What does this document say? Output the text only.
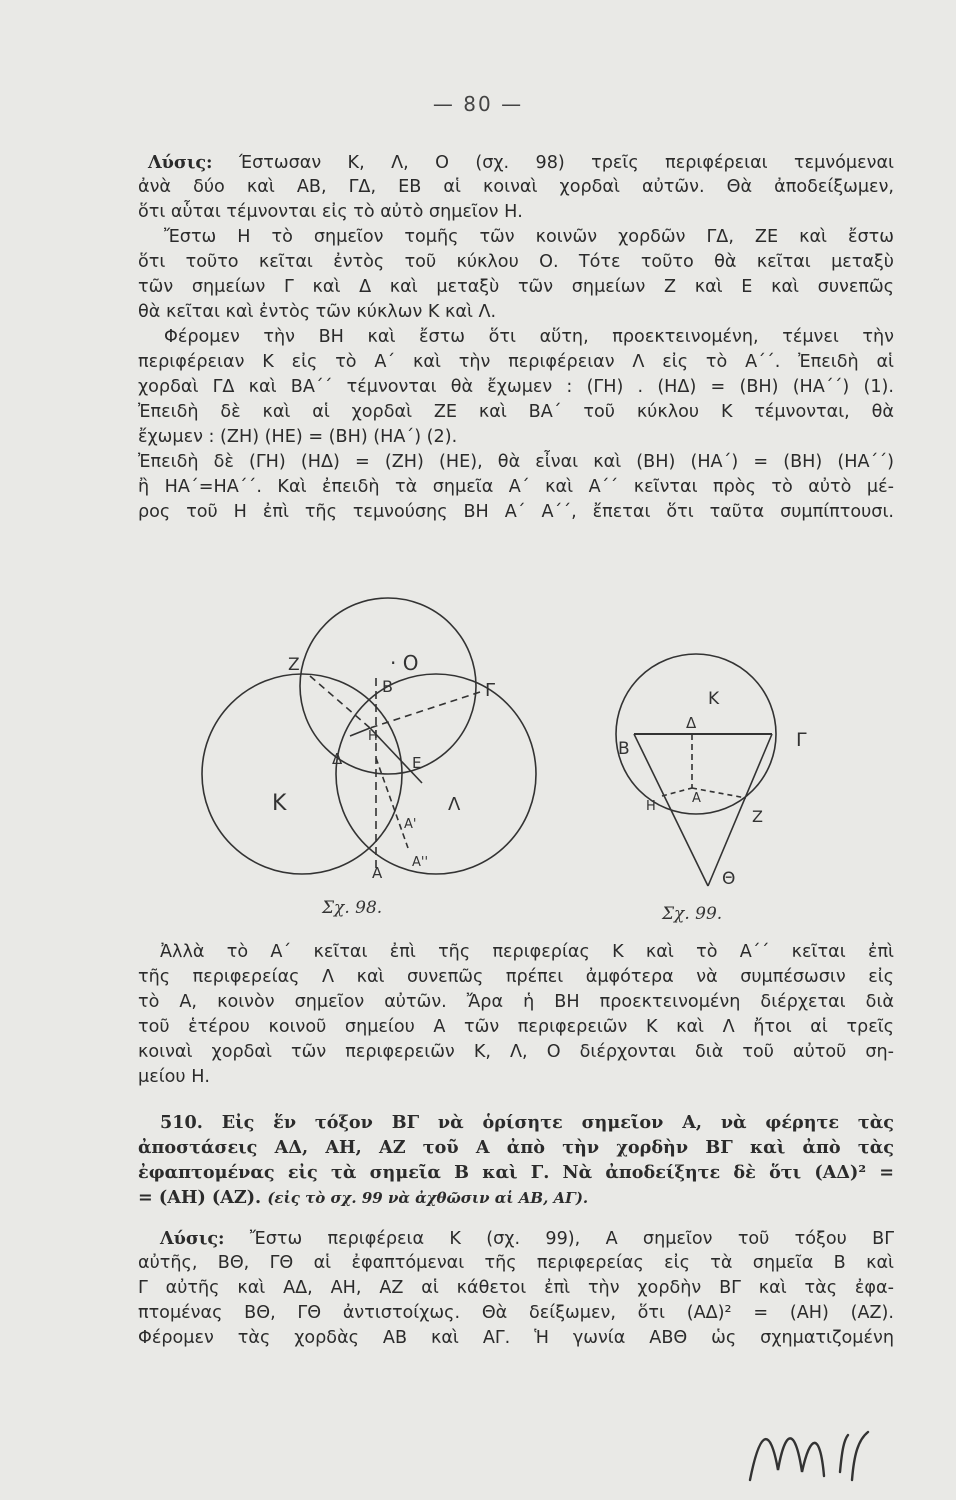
— 80 —
Λύσις: Έστωσαν Κ, Λ, Ο (σχ. 98) τρεῖς περιφέρειαι τεμνόμεναι
ἀνὰ δύο καὶ ΑΒ, ΓΔ, ΕΒ αἱ κοιναὶ χορδαὶ αὐτῶν. Θὰ ἀποδείξωμεν,
ὅτι αὗται τέμνονται εἰς τὸ αὐτὸ σημεῖον Η.
Ἔστω Η τὸ σημεῖον τομῆς τῶν κοινῶν χορδῶν ΓΔ, ΖΕ καὶ ἔστω
ὅτι τοῦτο κεῖται ἐντὸς τοῦ κύκλου Ο. Τότε τοῦτο θὰ κεῖται μεταξὺ
τῶν σημείων Γ καὶ Δ καὶ μεταξὺ τῶν σημείων Ζ καὶ Ε καὶ συνεπῶς
θὰ κεῖται καὶ ἐντὸς τῶν κύκλων Κ καὶ Λ.
Φέρομεν τὴν ΒΗ καὶ ἔστω ὅτι αὕτη, προεκτεινομένη, τέμνει τὴν
περιφέρειαν Κ εἰς τὸ Α΄ καὶ τὴν περιφέρειαν Λ εἰς τὸ Α΄΄. Ἐπειδὴ αἱ
χορδαὶ ΓΔ καὶ ΒΑ΄΄ τέμνονται θὰ ἔχωμεν : (ΓΗ) . (ΗΔ) = (ΒΗ) (ΗΑ΄΄) (1).
Ἐπειδὴ δὲ καὶ αἱ χορδαὶ ΖΕ καὶ ΒΑ΄ τοῦ κύκλου Κ τέμνονται, θὰ
ἔχωμεν : (ΖΗ) (ΗΕ) = (ΒΗ) (ΗΑ΄) (2).
Ἐπειδὴ δὲ (ΓΗ) (ΗΔ) = (ΖΗ) (ΗΕ), θὰ εἶναι καὶ (ΒΗ) (ΗΑ΄) = (ΒΗ) (ΗΑ΄΄)
ἢ ΗΑ΄=ΗΑ΄΄. Καὶ ἐπειδὴ τὰ σημεῖα Α΄ καὶ Α΄΄ κεῖνται πρὸς τὸ αὐτὸ μέ-
ρος τοῦ Η ἐπὶ τῆς τεμνούσης ΒΗ Α΄ Α΄΄, ἔπεται ὅτι ταῦτα συμπίπτουσι.
Z	· O
B	Γ
H
Δ	E
K	Λ
A'
A''
A
Σχ. 98.
K
Δ
B	Γ
H
A
Z
Θ
Σχ. 99.
Ἀλλὰ τὸ Α΄ κεῖται ἐπὶ τῆς περιφερίας Κ καὶ τὸ Α΄΄ κεῖται ἐπὶ
τῆς περιφερείας Λ καὶ συνεπῶς πρέπει ἀμφότερα νὰ συμπέσωσιν εἰς
τὸ Α, κοινὸν σημεῖον αὐτῶν. Ἄρα ἡ ΒΗ προεκτεινομένη διέρχεται διὰ
τοῦ ἑτέρου κοινοῦ σημείου Α τῶν περιφερειῶν Κ καὶ Λ ἤτοι αἱ τρεῖς
κοιναὶ χορδαὶ τῶν περιφερειῶν Κ, Λ, Ο διέρχονται διὰ τοῦ αὐτοῦ ση-
μείου Η.
510. Εἰς ἕν τόξον ΒΓ νὰ ὁρίσητε σημεῖον Α, νὰ φέρητε τὰς
ἀποστάσεις ΑΔ, ΑΗ, ΑΖ τοῦ Α ἀπὸ τὴν χορδὴν ΒΓ καὶ ἀπὸ τὰς
ἐφαπτομένας εἰς τὰ σημεῖα Β καὶ Γ. Νὰ ἀποδείξητε δὲ ὅτι (ΑΔ)² =
= (ΑΗ) (ΑΖ). (εἰς τὸ σχ. 99 νὰ ἀχθῶσιν αἱ ΑΒ, ΑΓ).
Λύσις: Ἔστω περιφέρεια Κ (σχ. 99), Α σημεῖον τοῦ τόξου ΒΓ
αὐτῆς, ΒΘ, ΓΘ αἱ ἐφαπτόμεναι τῆς περιφερείας εἰς τὰ σημεῖα Β καὶ
Γ αὐτῆς καὶ ΑΔ, ΑΗ, ΑΖ αἱ κάθετοι ἐπὶ τὴν χορδὴν ΒΓ καὶ τὰς ἐφα-
πτομένας ΒΘ, ΓΘ ἀντιστοίχως. Θὰ δείξωμεν, ὅτι (ΑΔ)² = (ΑΗ) (ΑΖ).
Φέρομεν τὰς χορδὰς ΑΒ καὶ ΑΓ. Ἡ γωνία ΑΒΘ ὡς σχηματιζομένη
